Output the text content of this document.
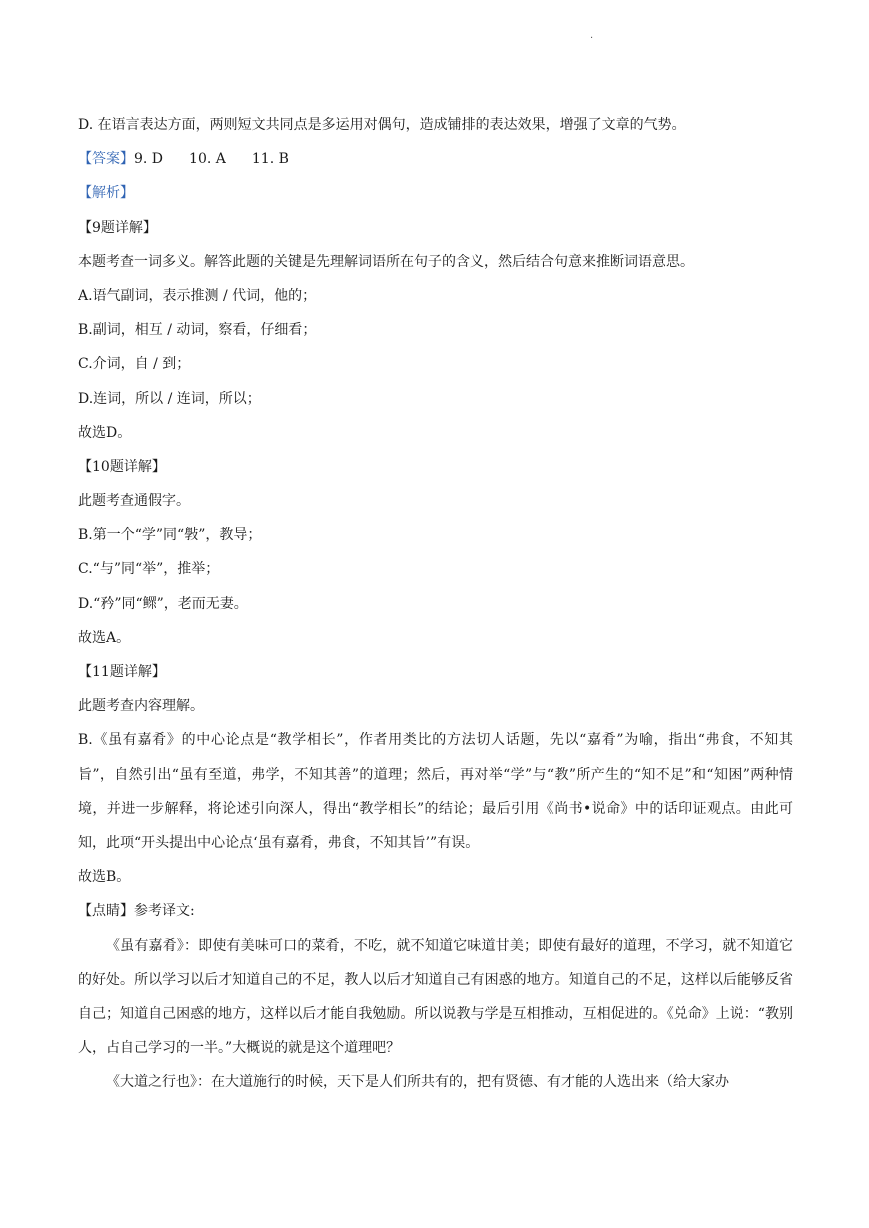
.
D. 在语言表达方面，两则短文共同点是多运用对偶句，造成铺排的表达效果，增强了文章的气势。
【答案】9. D 10. A 11. B
【解析】
【9题详解】
本题考查一词多义。解答此题的关键是先理解词语所在句子的含义，然后结合句意来推断词语意思。
A.语气副词，表示推测 / 代词，他的；
B.副词，相互 / 动词，察看，仔细看；
C.介词，自 / 到；
D.连词，所以 / 连词，所以；
故选D。
【10题详解】
此题考查通假字。
B.第一个“学”同“斅”，教导；
C.“与”同“举”，推举；
D.“矜”同“鳏”，老而无妻。
故选A。
【11题详解】
此题考查内容理解。

B.《虽有嘉肴》的中心论点是“教学相长”，作者用类比的方法切人话题，先以“嘉肴”为喻，指出“弗食，不知其旨”，自然引出“虽有至道，弗学，不知其善”的道理；然后，再对举“学”与“教”所产生的“知不足”和“知困”两种情境，并进一步解释，将论述引向深人，得出“教学相长”的结论；最后引用《尚书•说命》中的话印证观点。由此可知，此项“开头提出中心论点‘虽有嘉肴，弗食，不知其旨’”有误。

故选B。
【点睛】参考译文:

《虽有嘉肴》：即使有美味可口的菜肴，不吃，就不知道它味道甘美；即使有最好的道理，不学习，就不知道它的好处。所以学习以后才知道自己的不足，教人以后才知道自己有困惑的地方。知道自己的不足，这样以后能够反省自己；知道自己困惑的地方，这样以后才能自我勉励。所以说教与学是互相推动，互相促进的。《兑命》上说：“教别人，占自己学习的一半。”大概说的就是这个道理吧？

《大道之行也》：在大道施行的时候，天下是人们所共有的，把有贤德、有才能的人选出来（给大家办
